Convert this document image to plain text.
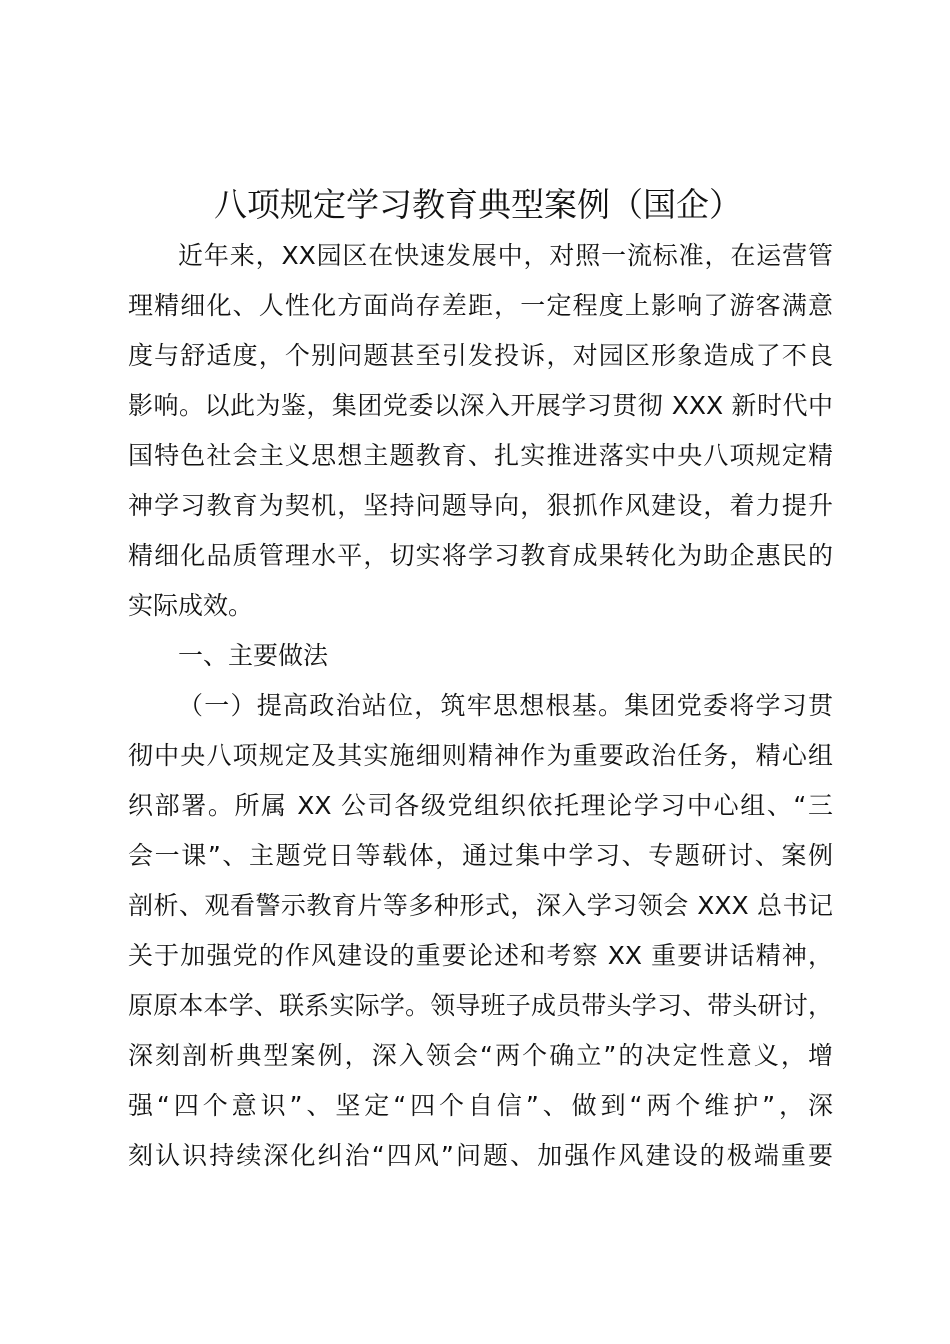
八项规定学习教育典型案例（国企）
近年来，XX园区在快速发展中，对照一流标准，在运营管
理精细化、人性化方面尚存差距，一定程度上影响了游客满意
度与舒适度，个别问题甚至引发投诉，对园区形象造成了不良
影响。以此为鉴，集团党委以深入开展学习贯彻 XXX 新时代中
国特色社会主义思想主题教育、扎实推进落实中央八项规定精
神学习教育为契机，坚持问题导向，狠抓作风建设，着力提升
精细化品质管理水平，切实将学习教育成果转化为助企惠民的
实际成效。
一、主要做法
（一）提高政治站位，筑牢思想根基。集团党委将学习贯
彻中央八项规定及其实施细则精神作为重要政治任务，精心组
织部署。所属 XX 公司各级党组织依托理论学习中心组、“三
会一课”、主题党日等载体，通过集中学习、专题研讨、案例
剖析、观看警示教育片等多种形式，深入学习领会 XXX 总书记
关于加强党的作风建设的重要论述和考察 XX 重要讲话精神，
原原本本学、联系实际学。领导班子成员带头学习、带头研讨，
深刻剖析典型案例，深入领会“两个确立”的决定性意义，增
强“四个意识”、坚定“四个自信”、做到“两个维护”，深
刻认识持续深化纠治“四风”问题、加强作风建设的极端重要
